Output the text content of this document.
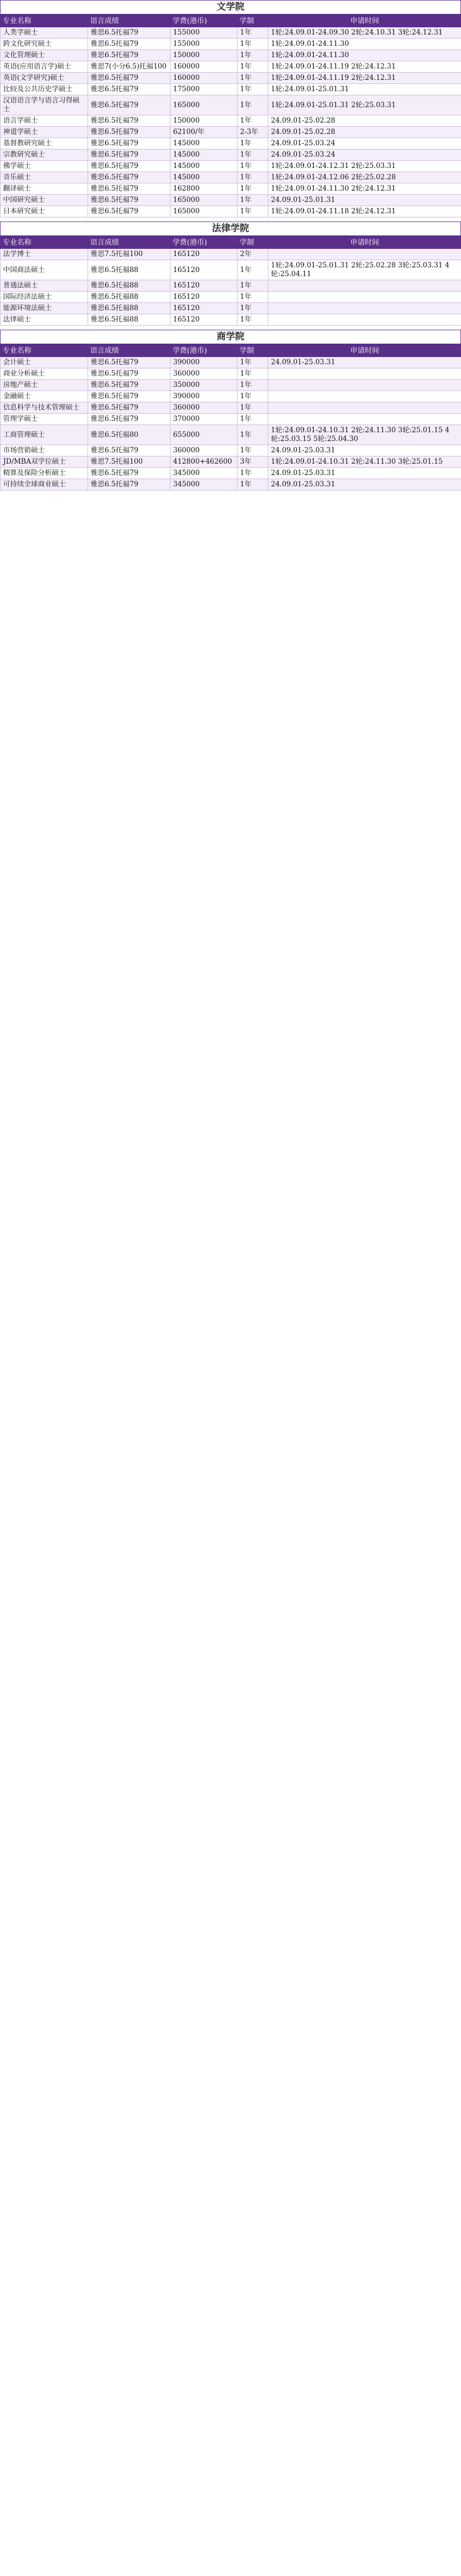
文学院
专业名称	语言成绩	学费(港币)	学制	申请时间
人类学硕士	雅思6.5托福79	155000	1年	1轮:24.09.01-24.09.30 2轮:24.10.31 3轮:24.12.31
跨文化研究硕士	雅思6.5托福79	155000	1年	1轮:24.09.01-24.11.30
文化管理硕士	雅思6.5托福79	150000	1年	1轮:24.09.01-24.11.30
英语(应用语言学)硕士	雅思7(小分6.5)托福100	160000	1年	1轮:24.09.01-24.11.19 2轮:24.12.31
英语(文学研究)硕士	雅思6.5托福79	160000	1年	1轮:24.09.01-24.11.19 2轮:24.12.31
比较及公共历史学硕士	雅思6.5托福79	175000	1年	1轮:24.09.01-25.01.31
汉语语言学与语言习得硕士	雅思6.5托福79	165000	1年	1轮:24.09.01-25.01.31 2轮:25.03.31
语言学硕士	雅思6.5托福79	150000	1年	24.09.01-25.02.28
神道学硕士	雅思6.5托福79	62100/年	2-3年	24.09.01-25.02.28
基督教研究硕士	雅思6.5托福79	145000	1年	24.09.01-25.03.24
宗教研究硕士	雅思6.5托福79	145000	1年	24.09.01-25.03.24
佛学硕士	雅思6.5托福79	145000	1年	1轮:24.09.01-24.12.31 2轮:25.03.31
音乐硕士	雅思6.5托福79	145000	1年	1轮:24.09.01-24.12.06 2轮:25.02.28
翻译硕士	雅思6.5托福79	162800	1年	1轮:24.09.01-24.11.30 2轮:24.12.31
中国研究硕士	雅思6.5托福79	165000	1年	24.09.01-25.01.31
日本研究硕士	雅思6.5托福79	165000	1年	1轮:24.09.01-24.11.18 2轮:24.12.31
法律学院
专业名称	语言成绩	学费(港币)	学制	申请时间
法学博士	雅思7.5托福100	165120	2年	
中国商法硕士	雅思6.5托福88	165120	1年	1轮:24.09.01-25.01.31 2轮:25.02.28 3轮:25.03.31 4轮:25.04.11
普通法硕士	雅思6.5托福88	165120	1年	
国际经济法硕士	雅思6.5托福88	165120	1年	
能源环境法硕士	雅思6.5托福88	165120	1年	
法律硕士	雅思6.5托福88	165120	1年	
商学院
专业名称	语言成绩	学费(港币)	学制	申请时间
会计硕士	雅思6.5托福79	390000	1年	24.09.01-25.03.31
商业分析硕士	雅思6.5托福79	360000	1年	
房地产硕士	雅思6.5托福79	350000	1年	
金融硕士	雅思6.5托福79	390000	1年	
信息科学与技术管理硕士	雅思6.5托福79	360000	1年	
管理学硕士	雅思6.5托福79	370000	1年	
工商管理硕士	雅思6.5托福80	655000	1年	1轮:24.09.01-24.10.31 2轮:24.11.30 3轮:25.01.15 4轮:25.03.15 5轮:25.04.30
市场营销硕士	雅思6.5托福79	360000	1年	24.09.01-25.03.31
JD/MBA双学位硕士	雅思7.5托福100	412800+462600	3年	1轮:24.09.01-24.10.31 2轮:24.11.30 3轮:25.01.15
精算及保险分析硕士	雅思6.5托福79	345000	1年	24.09.01-25.03.31
可持续全球商业硕士	雅思6.5托福79	345000	1年	24.09.01-25.03.31
